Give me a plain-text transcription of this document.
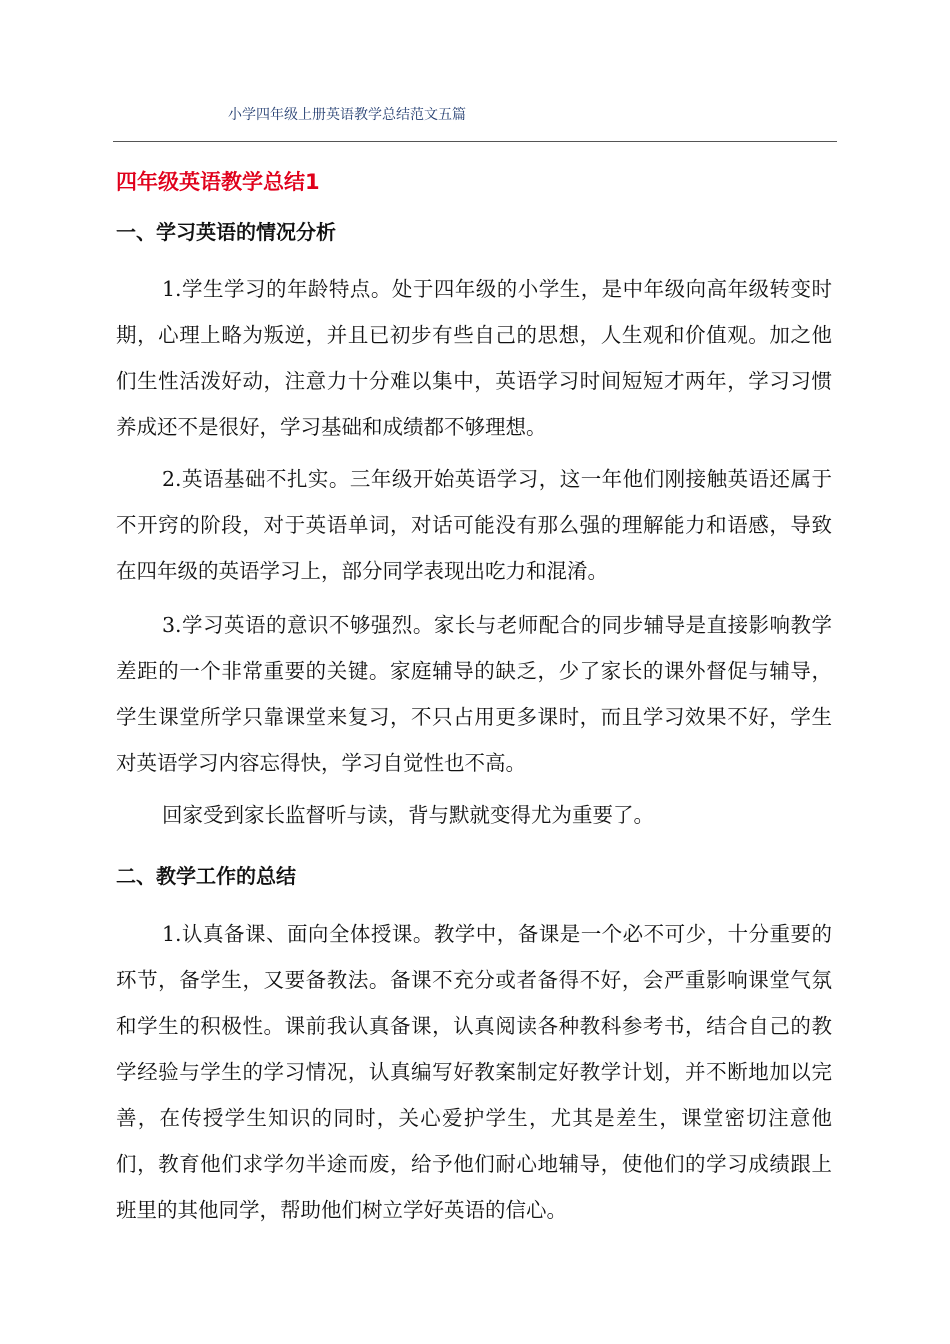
小学四年级上册英语教学总结范文五篇
四年级英语教学总结1
一、学习英语的情况分析
1.学生学习的年龄特点。处于四年级的小学生，是中年级向高年级转变时期，心理上略为叛逆，并且已初步有些自己的思想，人生观和价值观。加之他们生性活泼好动，注意力十分难以集中，英语学习时间短短才两年，学习习惯养成还不是很好，学习基础和成绩都不够理想。
2.英语基础不扎实。三年级开始英语学习，这一年他们刚接触英语还属于不开窍的阶段，对于英语单词，对话可能没有那么强的理解能力和语感，导致在四年级的英语学习上，部分同学表现出吃力和混淆。
3.学习英语的意识不够强烈。家长与老师配合的同步辅导是直接影响教学差距的一个非常重要的关键。家庭辅导的缺乏，少了家长的课外督促与辅导，学生课堂所学只靠课堂来复习，不只占用更多课时，而且学习效果不好，学生对英语学习内容忘得快，学习自觉性也不高。
回家受到家长监督听与读，背与默就变得尤为重要了。
二、教学工作的总结
1.认真备课、面向全体授课。教学中，备课是一个必不可少，十分重要的环节，备学生，又要备教法。备课不充分或者备得不好，会严重影响课堂气氛和学生的积极性。课前我认真备课，认真阅读各种教科参考书，结合自己的教学经验与学生的学习情况，认真编写好教案制定好教学计划，并不断地加以完善，在传授学生知识的同时，关心爱护学生，尤其是差生，课堂密切注意他们，教育他们求学勿半途而废，给予他们耐心地辅导，使他们的学习成绩跟上班里的其他同学，帮助他们树立学好英语的信心。
